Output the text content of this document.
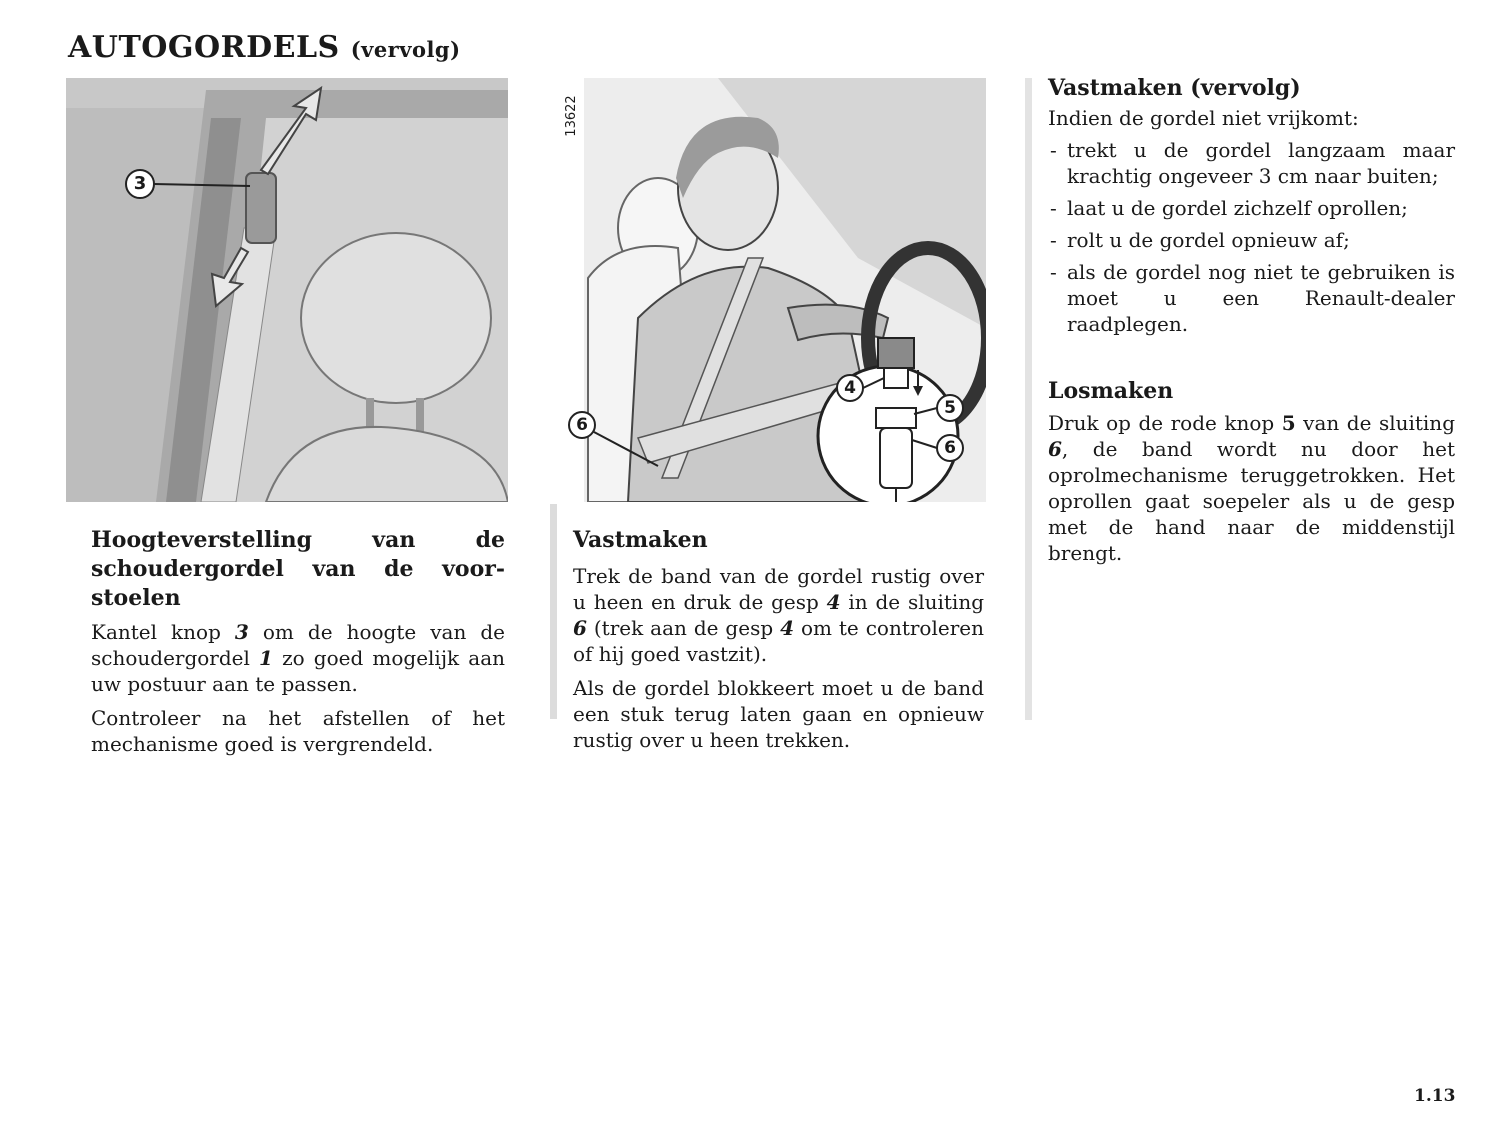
AUTOGORDELS (vervolg)
3
13622
4
5
6
6
Hoogteverstelling van de
schoudergordel van de voor-
stoelen

Kantel knop 3 om de hoogte van de schoudergordel 1 zo goed mogelijk aan uw postuur aan te passen.

Controleer na het afstellen of het mechanisme goed is vergrendeld.

Vastmaken

Trek de band van de gordel rustig over u heen en druk de gesp 4 in de sluiting 6 (trek aan de gesp 4 om te controleren of hij goed vastzit).

Als de gordel blokkeert moet u de band een stuk terug laten gaan en opnieuw rustig over u heen trekken.

Vastmaken (vervolg)

Indien de gordel niet vrijkomt:

- trekt u de gordel langzaam maar krachtig ongeveer 3 cm naar buiten;
- laat u de gordel zichzelf oprollen;
- rolt u de gordel opnieuw af;
- als de gordel nog niet te gebruiken is moet u een Renault-dealer raadplegen.
Losmaken

Druk op de rode knop 5 van de sluiting 6, de band wordt nu door het oprolmechanisme teruggetrokken. Het oprollen gaat soepeler als u de gesp met de hand naar de middenstijl brengt.

1.13
